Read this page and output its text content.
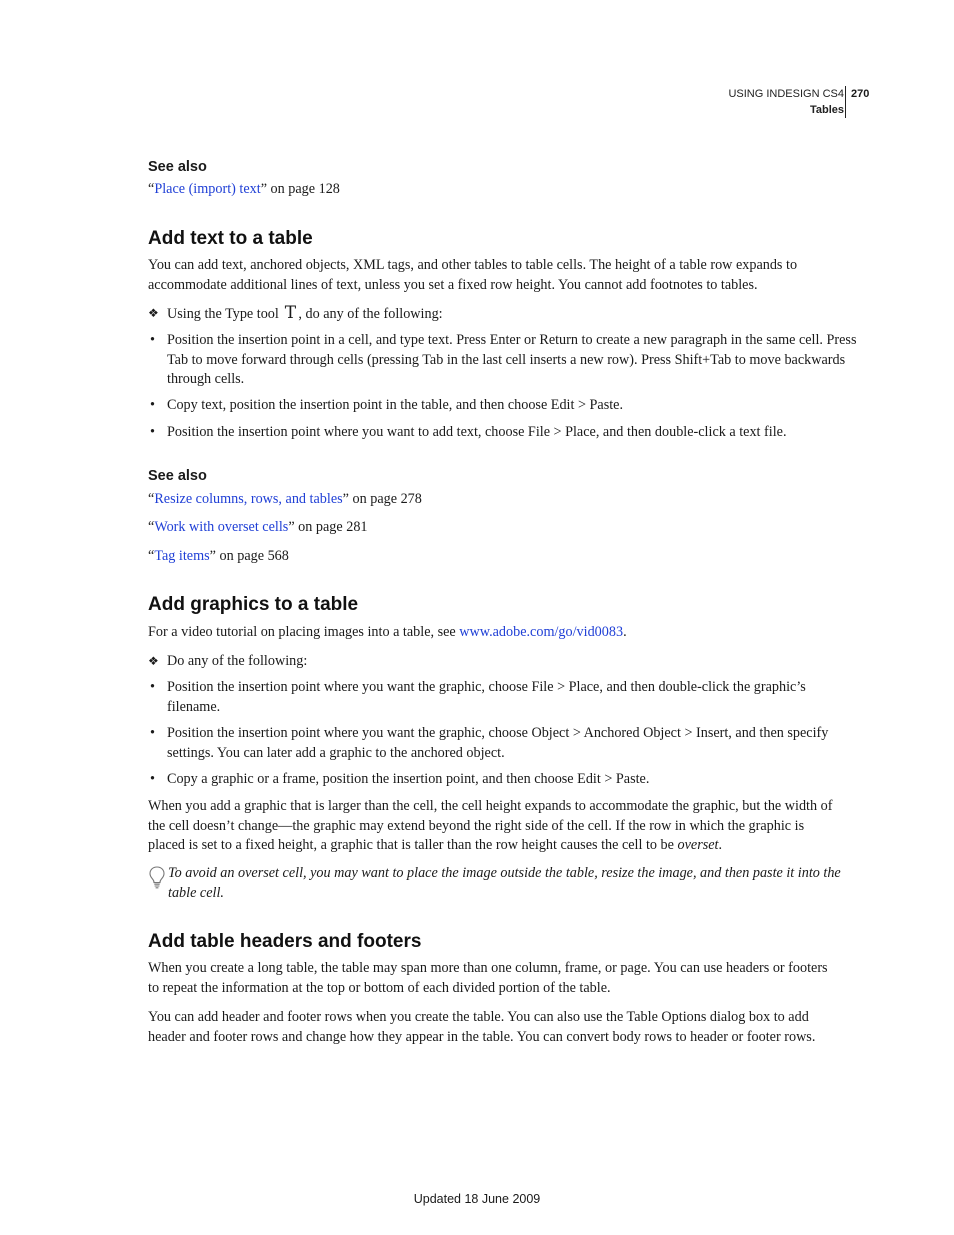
USING INDESIGN CS4
Tables
270
See also
“Place (import) text” on page 128
Add text to a table

You can add text, anchored objects, XML tags, and other tables to table cells. The height of a table row expands to accommodate additional lines of text, unless you set a fixed row height. You cannot add footnotes to tables.

❖ Using the Type tool T , do any of the following:
• Position the insertion point in a cell, and type text. Press Enter or Return to create a new paragraph in the same cell. Press Tab to move forward through cells (pressing Tab in the last cell inserts a new row). Press Shift+Tab to move backwards through cells.
• Copy text, position the insertion point in the table, and then choose Edit > Paste.
• Position the insertion point where you want to add text, choose File > Place, and then double-click a text file.
See also
“Resize columns, rows, and tables” on page 278
“Work with overset cells” on page 281
“Tag items” on page 568
Add graphics to a table

For a video tutorial on placing images into a table, see www.adobe.com/go/vid0083.

❖ Do any of the following:
• Position the insertion point where you want the graphic, choose File > Place, and then double-click the graphic’s filename.
• Position the insertion point where you want the graphic, choose Object > Anchored Object > Insert, and then specify settings. You can later add a graphic to the anchored object.
• Copy a graphic or a frame, position the insertion point, and then choose Edit > Paste.

When you add a graphic that is larger than the cell, the cell height expands to accommodate the graphic, but the width of the cell doesn’t change—the graphic may extend beyond the right side of the cell. If the row in which the graphic is placed is set to a fixed height, a graphic that is taller than the row height causes the cell to be overset.

To avoid an overset cell, you may want to place the image outside the table, resize the image, and then paste it into the table cell.
Add table headers and footers

When you create a long table, the table may span more than one column, frame, or page. You can use headers or footers to repeat the information at the top or bottom of each divided portion of the table.

You can add header and footer rows when you create the table. You can also use the Table Options dialog box to add header and footer rows and change how they appear in the table. You can convert body rows to header or footer rows.

Updated 18 June 2009
